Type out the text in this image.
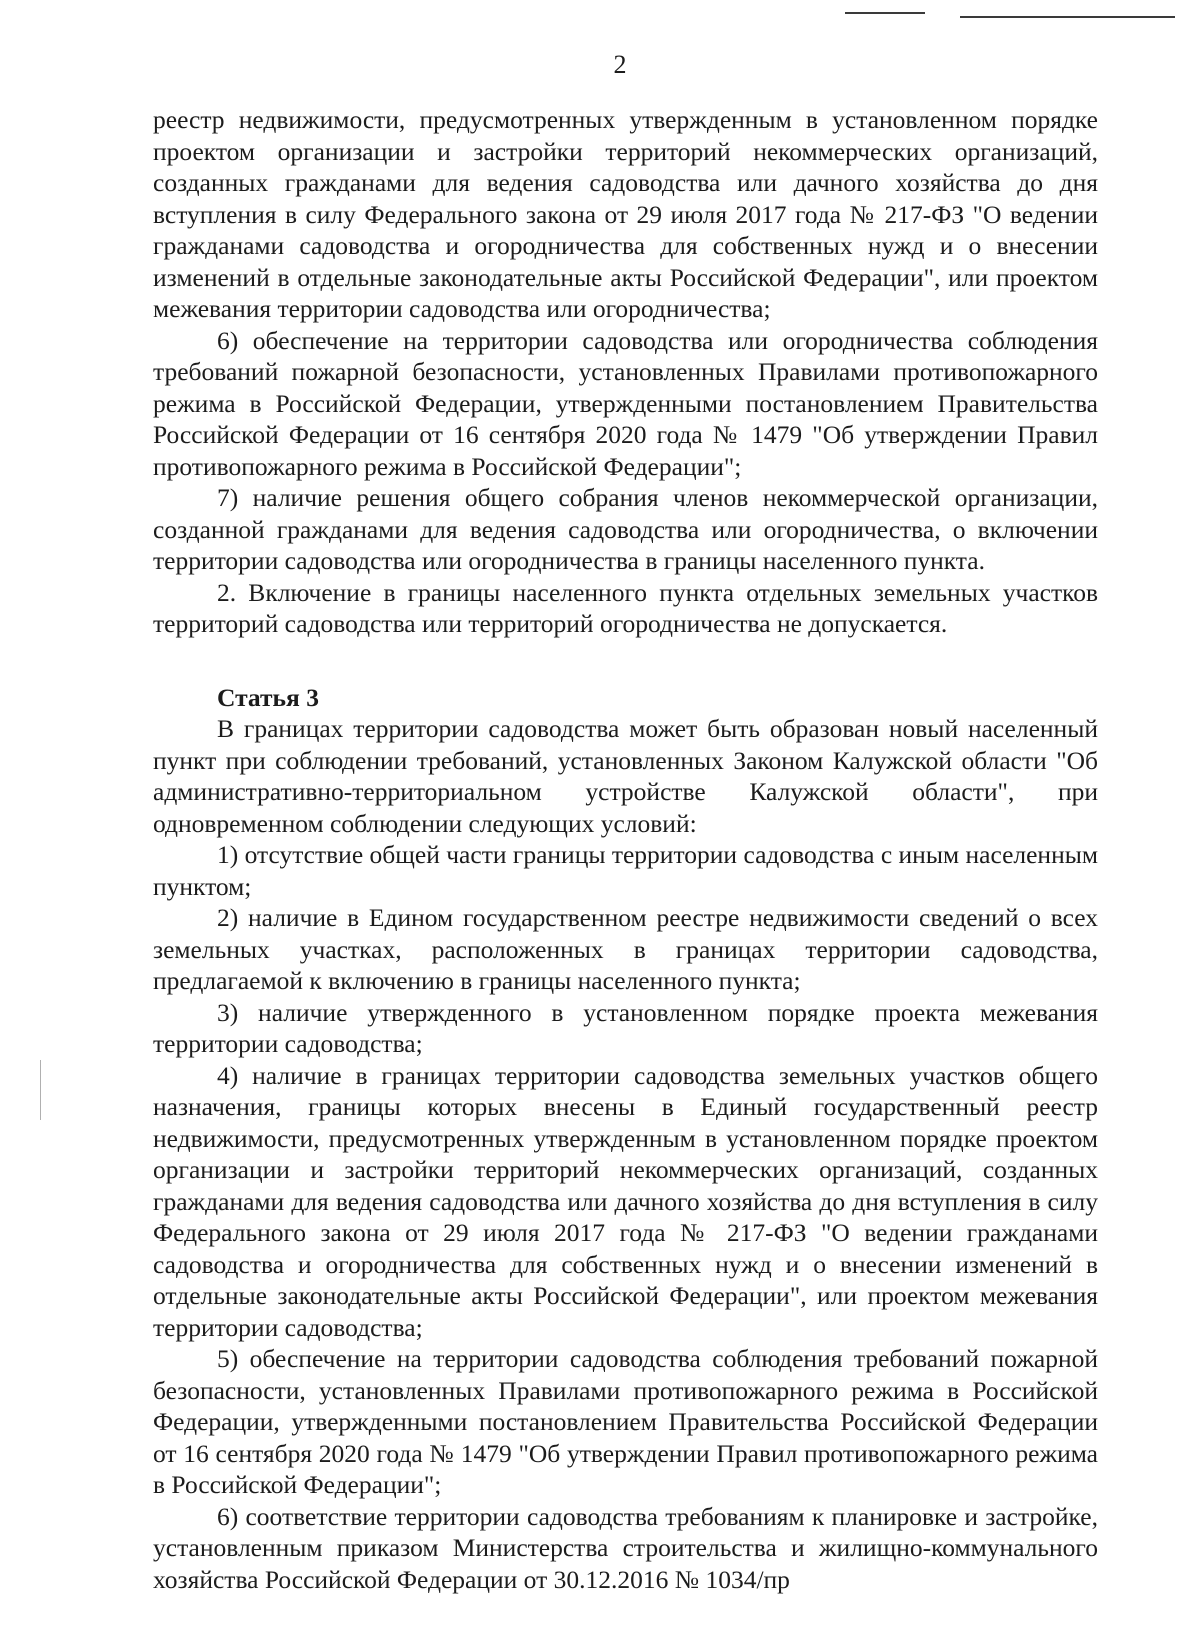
2

реестр недвижимости, предусмотренных утвержденным в установленном порядке проектом организации и застройки территорий некоммерческих организаций, созданных гражданами для ведения садоводства или дачного хозяйства до дня вступления в силу Федерального закона от 29 июля 2017 года № 217-ФЗ "О ведении гражданами садоводства и огородничества для собственных нужд и о внесении изменений в отдельные законодательные акты Российской Федерации", или проектом межевания территории садоводства или огородничества;

6) обеспечение на территории садоводства или огородничества соблюдения требований пожарной безопасности, установленных Правилами противопожарного режима в Российской Федерации, утвержденными постановлением Правительства Российской Федерации от 16 сентября 2020 года № 1479 "Об утверждении Правил противопожарного режима в Российской Федерации";

7) наличие решения общего собрания членов некоммерческой организации, созданной гражданами для ведения садоводства или огородничества, о включении территории садоводства или огородничества в границы населенного пункта.

2. Включение в границы населенного пункта отдельных земельных участков территорий садоводства или территорий огородничества не допускается.

Статья 3

В границах территории садоводства может быть образован новый населенный пункт при соблюдении требований, установленных Законом Калужской области "Об административно-территориальном устройстве Калужской области", при одновременном соблюдении следующих условий:

1) отсутствие общей части границы территории садоводства с иным населенным пунктом;

2) наличие в Едином государственном реестре недвижимости сведений о всех земельных участках, расположенных в границах территории садоводства, предлагаемой к включению в границы населенного пункта;

3) наличие утвержденного в установленном порядке проекта межевания территории садоводства;

4) наличие в границах территории садоводства земельных участков общего назначения, границы которых внесены в Единый государственный реестр недвижимости, предусмотренных утвержденным в установленном порядке проектом организации и застройки территорий некоммерческих организаций, созданных гражданами для ведения садоводства или дачного хозяйства до дня вступления в силу Федерального закона от 29 июля 2017 года № 217-ФЗ "О ведении гражданами садоводства и огородничества для собственных нужд и о внесении изменений в отдельные законодательные акты Российской Федерации", или проектом межевания территории садоводства;

5) обеспечение на территории садоводства соблюдения требований пожарной безопасности, установленных Правилами противопожарного режима в Российской Федерации, утвержденными постановлением Правительства Российской Федерации от 16 сентября 2020 года № 1479 "Об утверждении Правил противопожарного режима в Российской Федерации";

6) соответствие территории садоводства требованиям к планировке и застройке, установленным приказом Министерства строительства и жилищно-коммунального хозяйства Российской Федерации от 30.12.2016 № 1034/пр
